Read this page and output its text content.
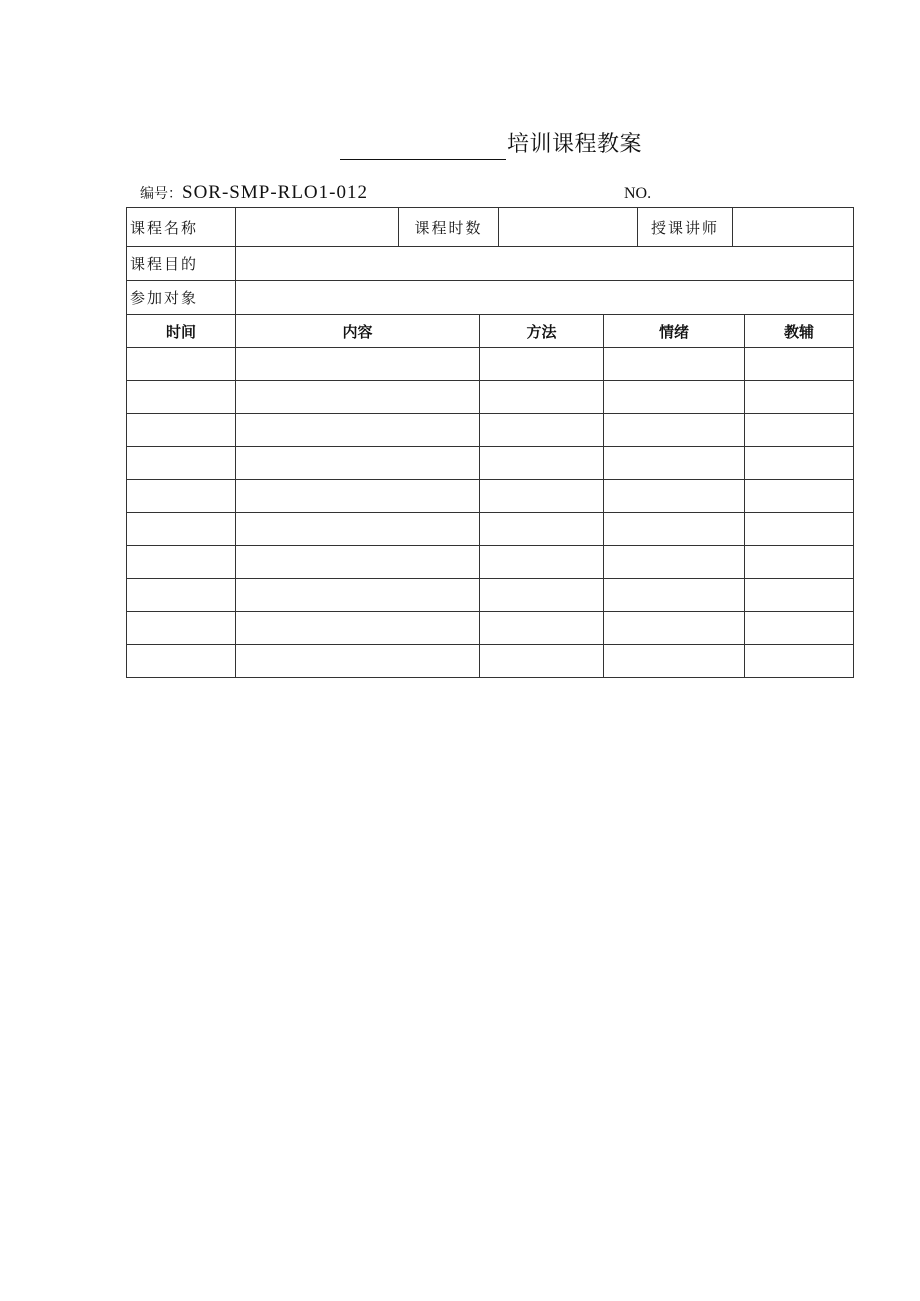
培训课程教案
编号：SOR-SMP-RLO1-012	NO.
课程名称		课程时数		授课讲师	
课程目的					
参加对象					
时间	内容	方法	情绪	教辅
